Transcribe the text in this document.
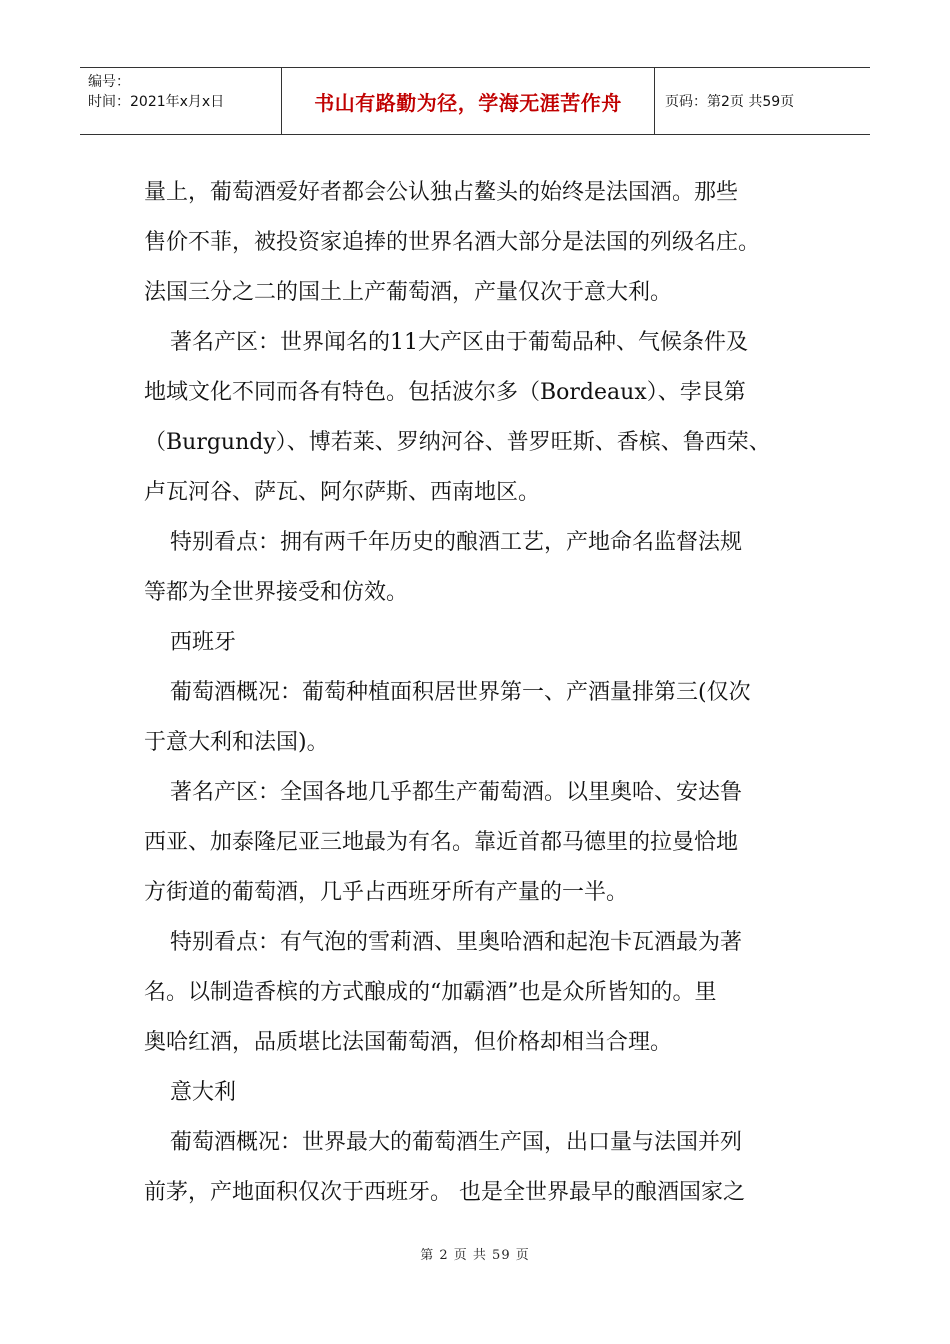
编号：
时间：2021年x月x日	书山有路勤为径，学海无涯苦作舟	页码：第2页 共59页

量上，葡萄酒爱好者都会公认独占鳌头的始终是法国酒。那些

售价不菲，被投资家追捧的世界名酒大部分是法国的列级名庄。

法国三分之二的国土上产葡萄酒，产量仅次于意大利。

著名产区：世界闻名的11大产区由于葡萄品种、气候条件及

地域文化不同而各有特色。包括波尔多（Bordeaux）、孛艮第

（Burgundy）、博若莱、罗纳河谷、普罗旺斯、香槟、鲁西荣、

卢瓦河谷、萨瓦、阿尔萨斯、西南地区。

特别看点：拥有两千年历史的酿酒工艺，产地命名监督法规

等都为全世界接受和仿效。

西班牙

葡萄酒概况：葡萄种植面积居世界第一、产酒量排第三(仅次

于意大利和法国)。

著名产区：全国各地几乎都生产葡萄酒。以里奥哈、安达鲁

西亚、加泰隆尼亚三地最为有名。靠近首都马德里的拉曼恰地

方街道的葡萄酒，几乎占西班牙所有产量的一半。

特别看点：有气泡的雪莉酒、里奥哈酒和起泡卡瓦酒最为著

名。以制造香槟的方式酿成的“加霸酒”也是众所皆知的。里

奥哈红酒，品质堪比法国葡萄酒，但价格却相当合理。

意大利

葡萄酒概况：世界最大的葡萄酒生产国，出口量与法国并列

前茅，产地面积仅次于西班牙。 也是全世界最早的酿酒国家之

第 2 页 共 59 页
